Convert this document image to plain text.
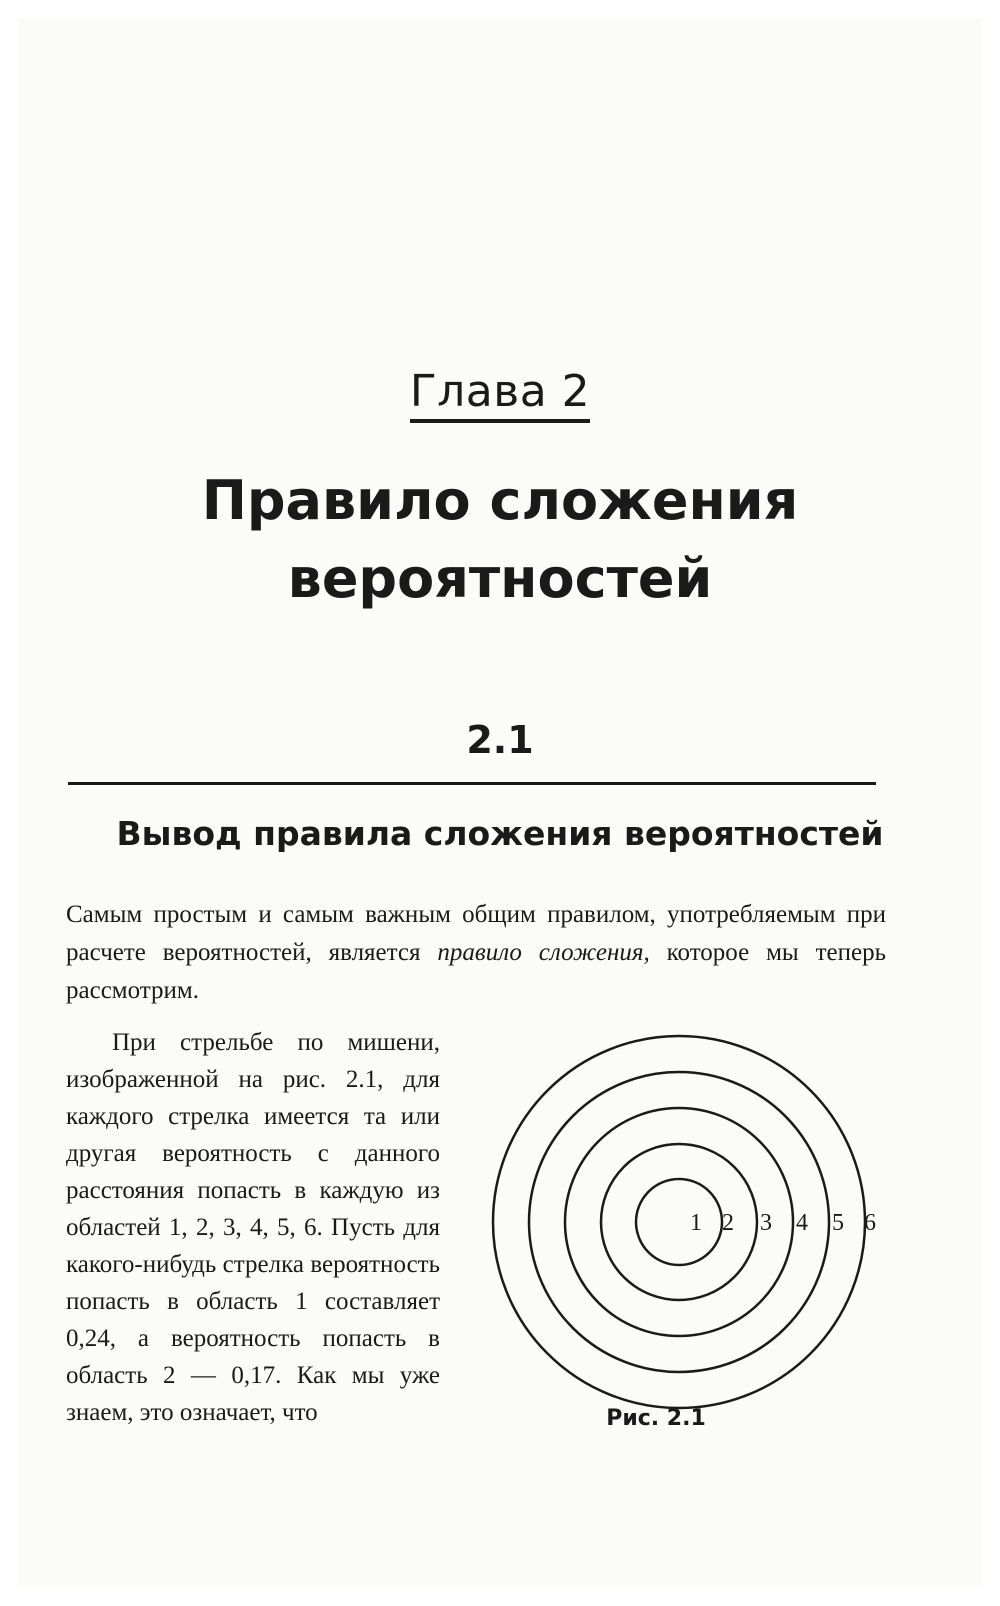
Глава 2
Правило сложения
вероятностей
2.1
Вывод правила сложения вероятностей
Самым простым и самым важным общим правилом, употребляемым при расчете вероятностей, является правило сложения, которое мы теперь рассмотрим.
При стрельбе по мишени, изображенной на рис. 2.1, для каждого стрелка имеется та или другая вероятность с данного расстояния попасть в каждую из областей 1, 2, 3, 4, 5, 6. Пусть для какого-нибудь стрелка вероятность попасть в область 1 составляет 0,24, а вероятность попасть в область 2 — 0,17. Как мы уже знаем, это означает, что
1 2 3 4 5 6
Рис. 2.1
